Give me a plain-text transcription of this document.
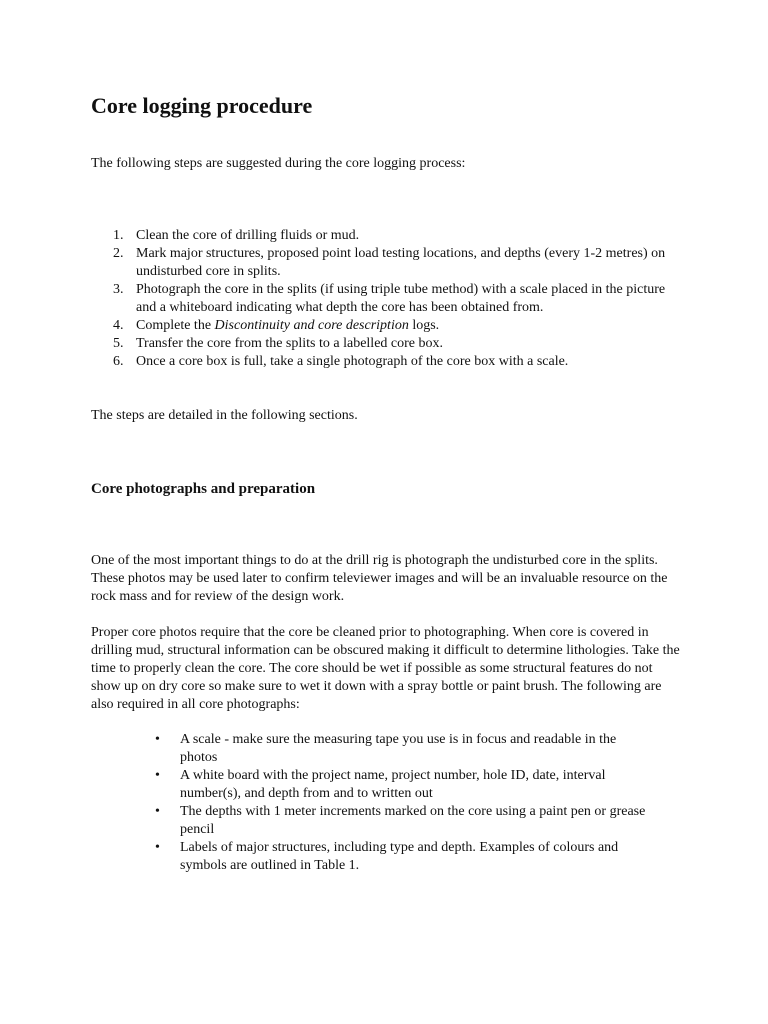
Core logging procedure

The following steps are suggested during the core logging process:

1. Clean the core of drilling fluids or mud.
2. Mark major structures, proposed point load testing locations, and depths (every 1-2 metres) on undisturbed core in splits.
3. Photograph the core in the splits (if using triple tube method) with a scale placed in the picture and a whiteboard indicating what depth the core has been obtained from.
4. Complete the Discontinuity and core description logs.
5. Transfer the core from the splits to a labelled core box.
6. Once a core box is full, take a single photograph of the core box with a scale.

The steps are detailed in the following sections.

Core photographs and preparation

One of the most important things to do at the drill rig is photograph the undisturbed core in the splits. These photos may be used later to confirm televiewer images and will be an invaluable resource on the rock mass and for review of the design work.

Proper core photos require that the core be cleaned prior to photographing. When core is covered in drilling mud, structural information can be obscured making it difficult to determine lithologies. Take the time to properly clean the core. The core should be wet if possible as some structural features do not show up on dry core so make sure to wet it down with a spray bottle or paint brush. The following are also required in all core photographs:

• A scale - make sure the measuring tape you use is in focus and readable in the photos
• A white board with the project name, project number, hole ID, date, interval number(s), and depth from and to written out
• The depths with 1 meter increments marked on the core using a paint pen or grease pencil
• Labels of major structures, including type and depth. Examples of colours and symbols are outlined in Table 1.
